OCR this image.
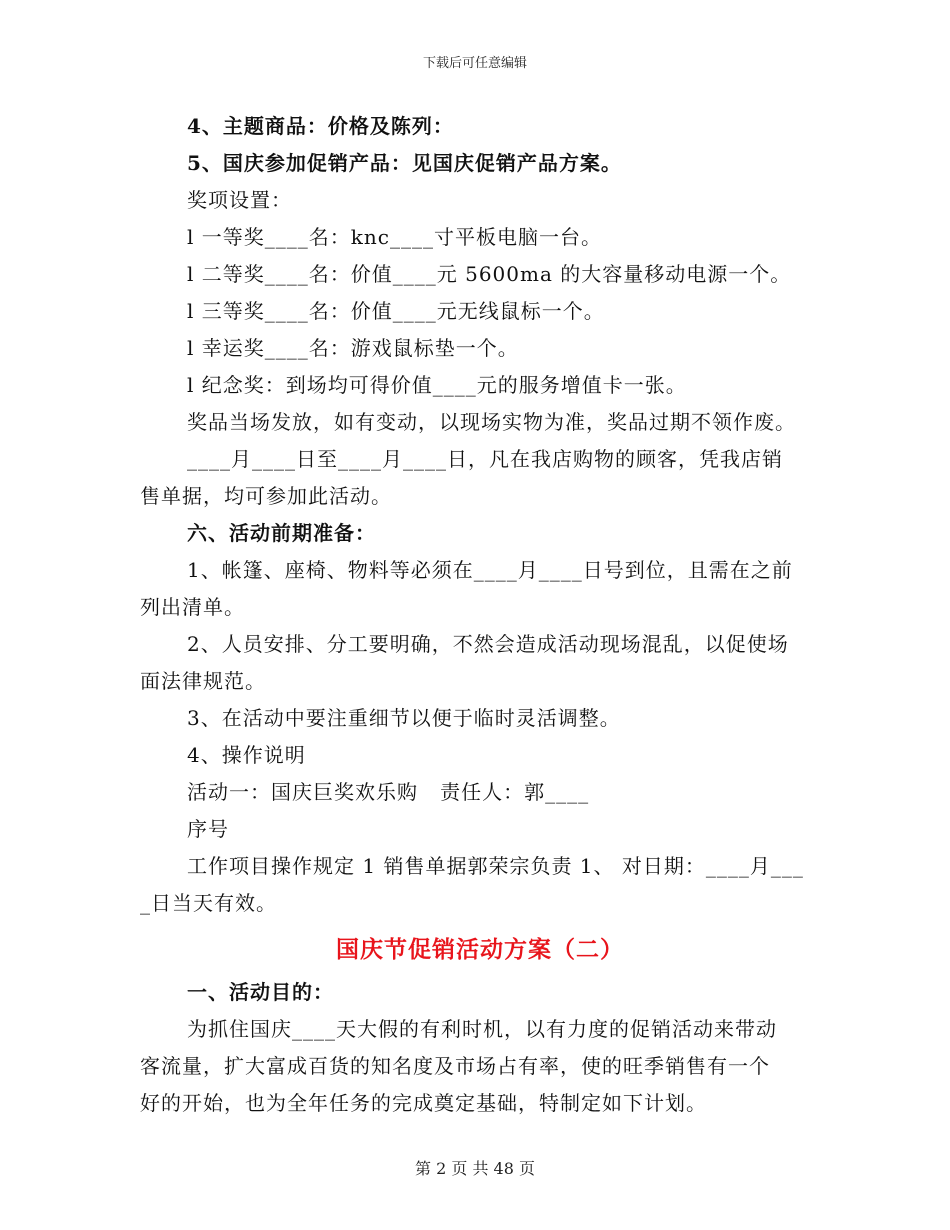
下载后可任意编辑
4、主题商品：价格及陈列：
5、国庆参加促销产品：见国庆促销产品方案。
奖项设置：
l 一等奖____名：knc____寸平板电脑一台。
l 二等奖____名：价值____元 5600ma 的大容量移动电源一个。
l 三等奖____名：价值____元无线鼠标一个。
l 幸运奖____名：游戏鼠标垫一个。
l 纪念奖：到场均可得价值____元的服务增值卡一张。
奖品当场发放，如有变动，以现场实物为准，奖品过期不领作废。
____月____日至____月____日，凡在我店购物的顾客，凭我店销
售单据，均可参加此活动。
六、活动前期准备：
1、帐篷、座椅、物料等必须在____月____日号到位，且需在之前
列出清单。
2、人员安排、分工要明确，不然会造成活动现场混乱，以促使场
面法律规范。
3、在活动中要注重细节以便于临时灵活调整。
4、操作说明
活动一：国庆巨奖欢乐购   责任人：郭____
序号
工作项目操作规定 1 销售单据郭荣宗负责 1、 对日期：____月___
_日当天有效。
国庆节促销活动方案（二）
一、活动目的：
为抓住国庆____天大假的有利时机，以有力度的促销活动来带动
客流量，扩大富成百货的知名度及市场占有率，使的旺季销售有一个
好的开始，也为全年任务的完成奠定基础，特制定如下计划。
第 2 页 共 48 页
